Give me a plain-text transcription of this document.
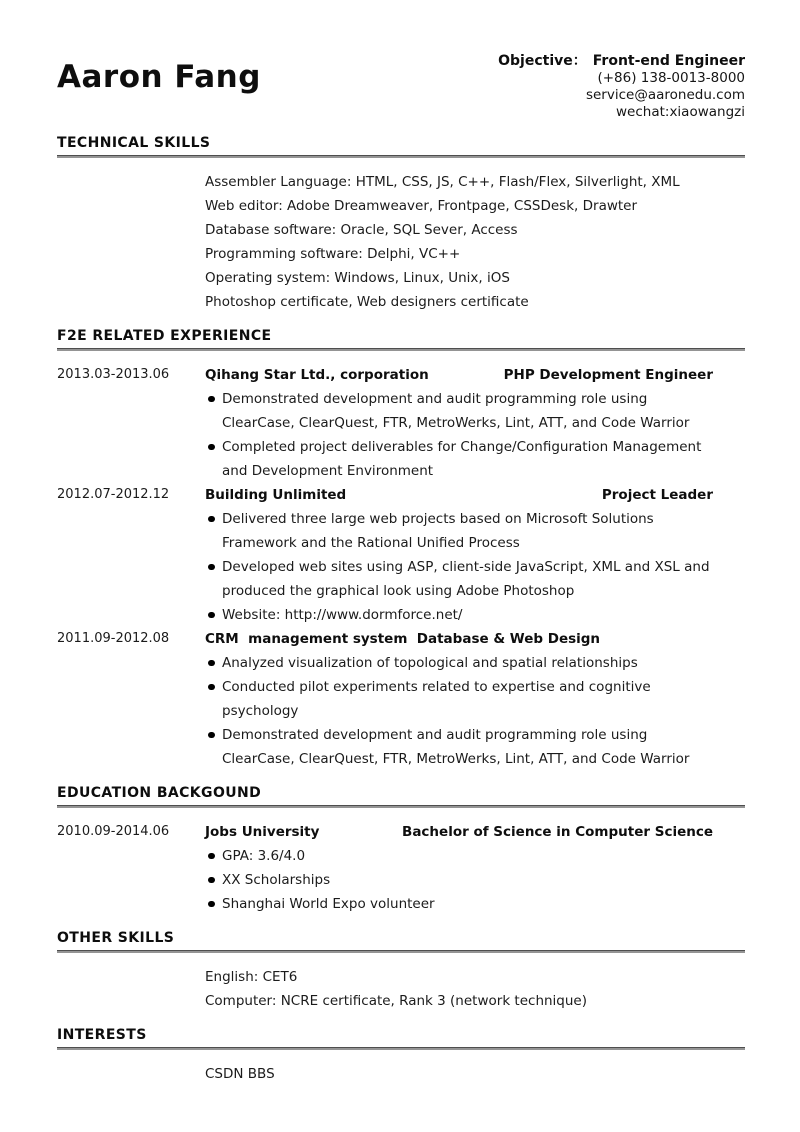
Aaron Fang	Objective： Front-end Engineer
(+86) 138-0013-8000
service@aaronedu.com
wechat:xiaowangzi
TECHNICAL SKILLS
Assembler Language: HTML, CSS, JS, C++, Flash/Flex, Silverlight, XML
Web editor: Adobe Dreamweaver, Frontpage, CSSDesk, Drawter
Database software: Oracle, SQL Sever, Access
Programming software: Delphi, VC++
Operating system: Windows, Linux, Unix, iOS
Photoshop certificate, Web designers certificate
F2E RELATED EXPERIENCE
2013.03-2013.06	Qihang Star Ltd., corporation	PHP Development Engineer
Demonstrated development and audit programming role using
ClearCase, ClearQuest, FTR, MetroWerks, Lint, ATT, and Code Warrior
Completed project deliverables for Change/Configuration Management
and Development Environment
2012.07-2012.12	Building Unlimited	Project Leader
Delivered three large web projects based on Microsoft Solutions
Framework and the Rational Unified Process
Developed web sites using ASP, client-side JavaScript, XML and XSL and
produced the graphical look using Adobe Photoshop
Website: http://www.dormforce.net/
2011.09-2012.08	CRM  management system  Database & Web Design
Analyzed visualization of topological and spatial relationships
Conducted pilot experiments related to expertise and cognitive
psychology
Demonstrated development and audit programming role using
ClearCase, ClearQuest, FTR, MetroWerks, Lint, ATT, and Code Warrior
EDUCATION BACKGOUND
2010.09-2014.06	Jobs University	Bachelor of Science in Computer Science
GPA: 3.6/4.0
XX Scholarships
Shanghai World Expo volunteer
OTHER SKILLS
English: CET6
Computer: NCRE certificate, Rank 3 (network technique)
INTERESTS
CSDN BBS
